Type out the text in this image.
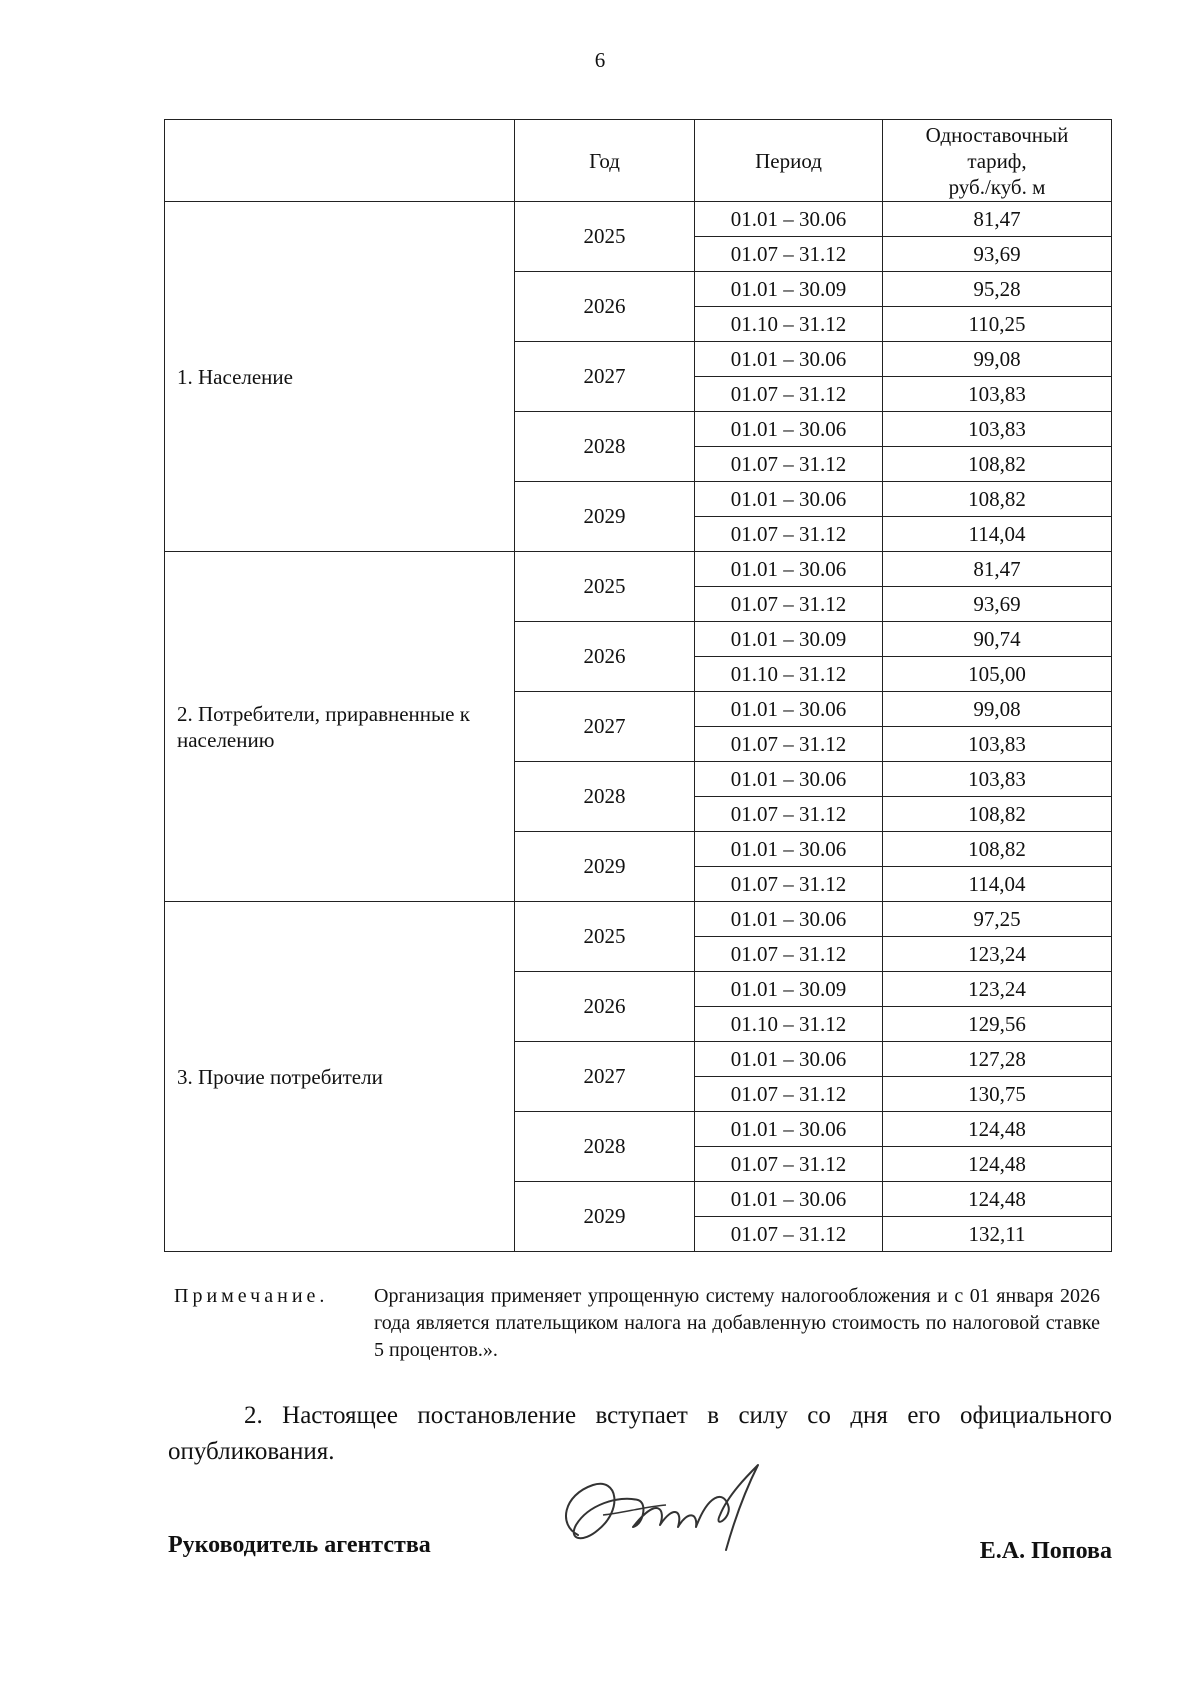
6
	Год	Период	Одноставочный
тариф,
руб./куб. м

1. Население	2025	01.01 – 30.06	81,47
		01.07 – 31.12	93,69
	2026	01.01 – 30.09	95,28
		01.10 – 31.12	110,25
	2027	01.01 – 30.06	99,08
		01.07 – 31.12	103,83
	2028	01.01 – 30.06	103,83
		01.07 – 31.12	108,82
	2029	01.01 – 30.06	108,82
		01.07 – 31.12	114,04
2. Потребители, приравненные к населению	2025	01.01 – 30.06	81,47
		01.07 – 31.12	93,69
	2026	01.01 – 30.09	90,74
		01.10 – 31.12	105,00
	2027	01.01 – 30.06	99,08
		01.07 – 31.12	103,83
	2028	01.01 – 30.06	103,83
		01.07 – 31.12	108,82
	2029	01.01 – 30.06	108,82
		01.07 – 31.12	114,04
3. Прочие потребители	2025	01.01 – 30.06	97,25
		01.07 – 31.12	123,24
	2026	01.01 – 30.09	123,24
		01.10 – 31.12	129,56
	2027	01.01 – 30.06	127,28
		01.07 – 31.12	130,75
	2028	01.01 – 30.06	124,48
		01.07 – 31.12	124,48
	2029	01.01 – 30.06	124,48
		01.07 – 31.12	132,11
Примечание.	Организация применяет упрощенную систему налогообложения и с 01 января 2026 года является плательщиком налога на добавленную стоимость по налоговой ставке 5 процентов.».
2. Настоящее постановление вступает в силу со дня его официального опубликования.
Руководитель агентства	Е.А. Попова
